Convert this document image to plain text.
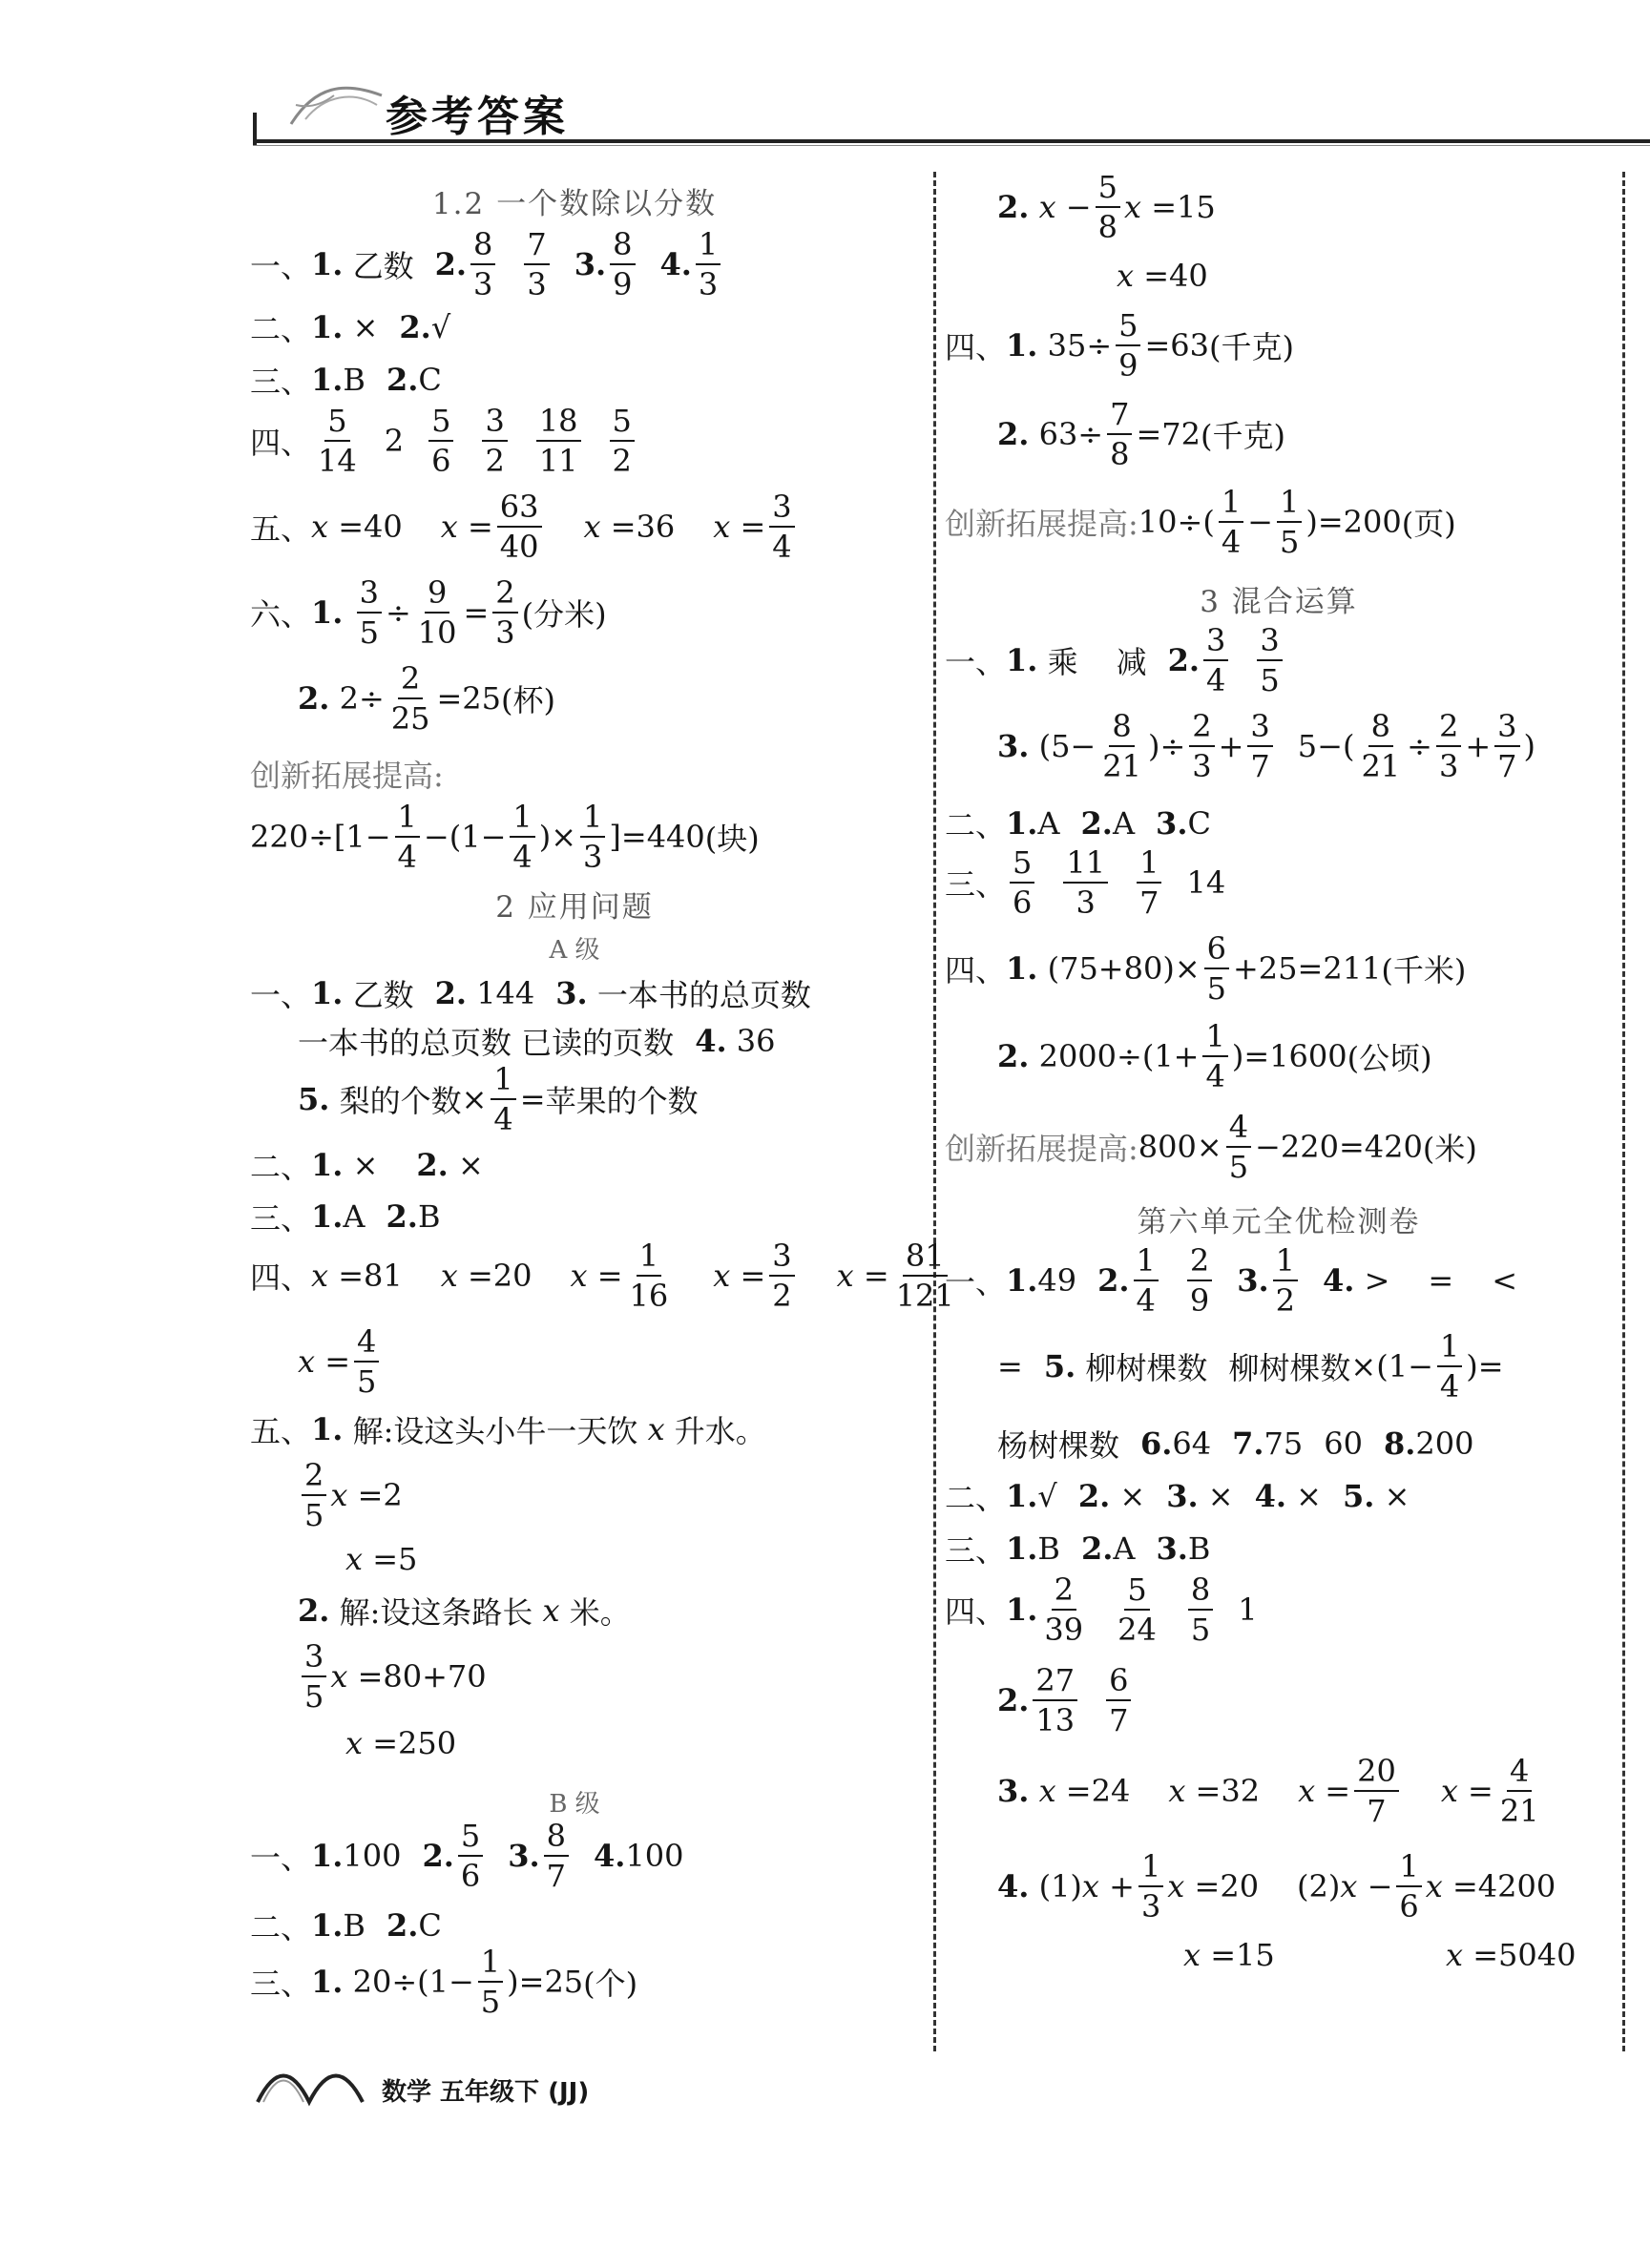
参考答案
1.2 一个数除以分数
一、 1.
乙数 2. $\frac{8}{3} \frac{7}{3} 3$. $\frac{8}{9} 4$. $\frac{1}{3}$
二、 1. × 2. √
三、 1. B 2. C
四、 $\frac{5}{14} 2 \frac{5}{6} \frac{3}{2} \frac{18}{11} \frac{5}{2}$
五、 x =40 $x = \frac{63}{40}$ x =36 $x = \frac{3}{4}$
六、 1.
$\frac{3}{5} \div \frac{9}{10} = \frac{2}{3}$ (分米)
2. $2\div \frac{2}{25} =25$ (杯)
创新拓展提高:
$220\div[1- \frac{1}{4} -(1- \frac{1}{4}$ )× $\frac{1}{3} ]=440$ (块)
2 应用问题
A 级
一、 1.
乙数 2.
144 3.
一本书的总页数
一本书的总页数 已读的页数 4.
36
5.
梨的个数 × $\frac{1}{4}$ = 苹果的个数
二、 1. × 2. ×
三、 1. A 2. B
四、 x =81 x =20 $x = \frac{1}{16}$ $x = \frac{3}{2}$ $x = \frac{81}{121}$
$x = \frac{4}{5}$
五、 1.
解:设这头小牛一天饮
x
升水。
$\frac{2}{5}$ x =2
x =5
2.
解:设这条路长
x
米。
$\frac{3}{5}$ x =80+70
x =250
B 级
一、 1. 100 2. $\frac{5}{6} 3$. $\frac{8}{7} 4$. 100
二、 1. B 2. C
三、 1. $20\div(1- \frac{1}{5} )=25$ (个)
2.
$x - \frac{5}{8}$ x =15
x =40
四、 1. $35\div \frac{5}{9} =63$ (千克)
2. $63\div \frac{7}{8} =72$ (千克)
创新拓展提高: $10\div( \frac{1}{4} - \frac{1}{5} )=200$ (页)
3 混合运算
一、 1.
乘 减 2. $\frac{3}{4} \frac{3}{5}$
3. ($5- \frac{8}{21}$ )÷ $\frac{2}{3} + \frac{3}{7} 5-( \frac{8}{21} \div \frac{2}{3} + \frac{3}{7}$ )
二、 1. A 2. A 3. C
三、 $\frac{5}{6} \frac{11}{3} \frac{1}{7} 14$
四、 1. $(75+80)\times \frac{6}{5} +25=211$ (千米)
2. $2000\div(1+ \frac{1}{4} )=1600$ (公顷)
创新拓展提高: $800\times \frac{4}{5} -220=420$ (米)
第六单元全优检测卷
一、 1. 49 2. $\frac{1}{4} \frac{2}{9} 3$. $\frac{1}{2} 4$. > = <
= 5.
柳树棵数 柳树棵数 $\times(1- \frac{1}{4}$ )=
杨树棵数 6. 64 7. 75 60 8. 200
二、 1. √ 2. × 3. × 4. × 5. ×
三、 1. B 2. A 3. B
四、 1. $\frac{2}{39} \frac{5}{24} \frac{8}{5} 1$
2. $\frac{27}{13} \frac{6}{7}$
3.
x =24 x =32 $x = \frac{20}{7}$ $x = \frac{4}{21}$
4. (1) $x + \frac{1}{3}$ x =20
(2) $x - \frac{1}{6}$ x =4200
x =15	x =5040
数学 五年级下 (JJ)
